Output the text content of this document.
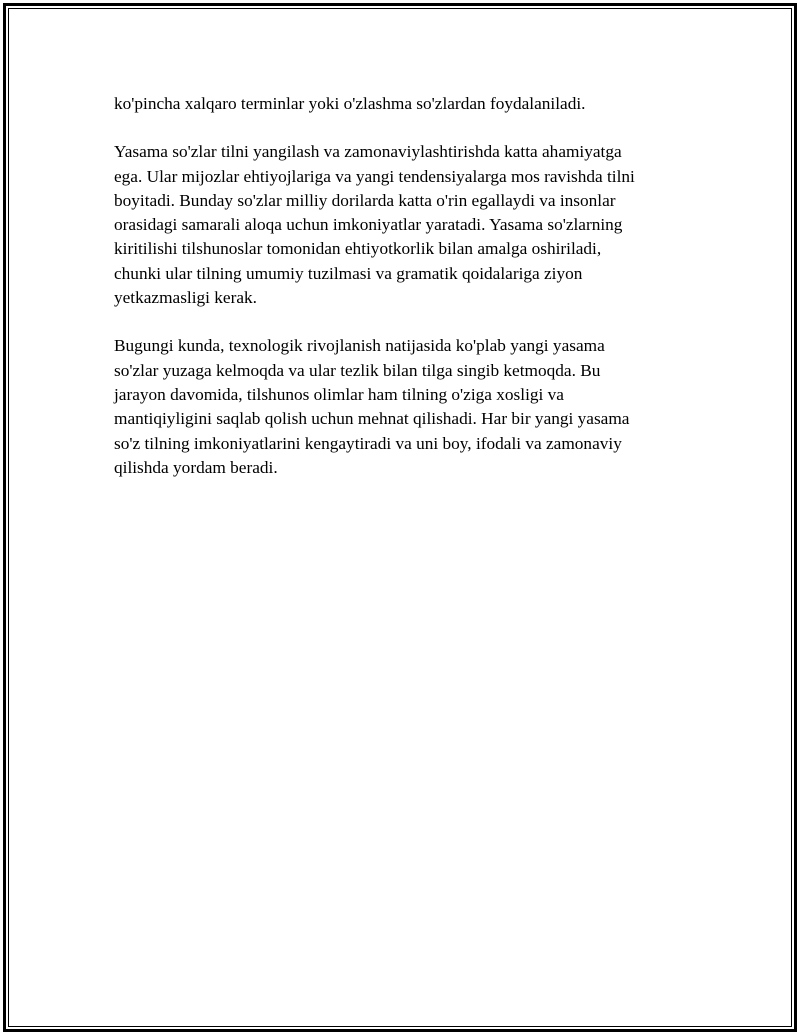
ko'pincha xalqaro terminlar yoki o'zlashma so'zlardan foydalaniladi.

Yasama so'zlar tilni yangilash va zamonaviylashtirishda katta ahamiyatga
ega. Ular mijozlar ehtiyojlariga va yangi tendensiyalarga mos ravishda tilni
boyitadi. Bunday so'zlar milliy dorilarda katta o'rin egallaydi va insonlar
orasidagi samarali aloqa uchun imkoniyatlar yaratadi. Yasama so'zlarning
kiritilishi tilshunoslar tomonidan ehtiyotkorlik bilan amalga oshiriladi,
chunki ular tilning umumiy tuzilmasi va gramatik qoidalariga ziyon
yetkazmasligi kerak.

Bugungi kunda, texnologik rivojlanish natijasida ko'plab yangi yasama
so'zlar yuzaga kelmoqda va ular tezlik bilan tilga singib ketmoqda. Bu
jarayon davomida, tilshunos olimlar ham tilning o'ziga xosligi va
mantiqiyligini saqlab qolish uchun mehnat qilishadi. Har bir yangi yasama
so'z tilning imkoniyatlarini kengaytiradi va uni boy, ifodali va zamonaviy
qilishda yordam beradi.
